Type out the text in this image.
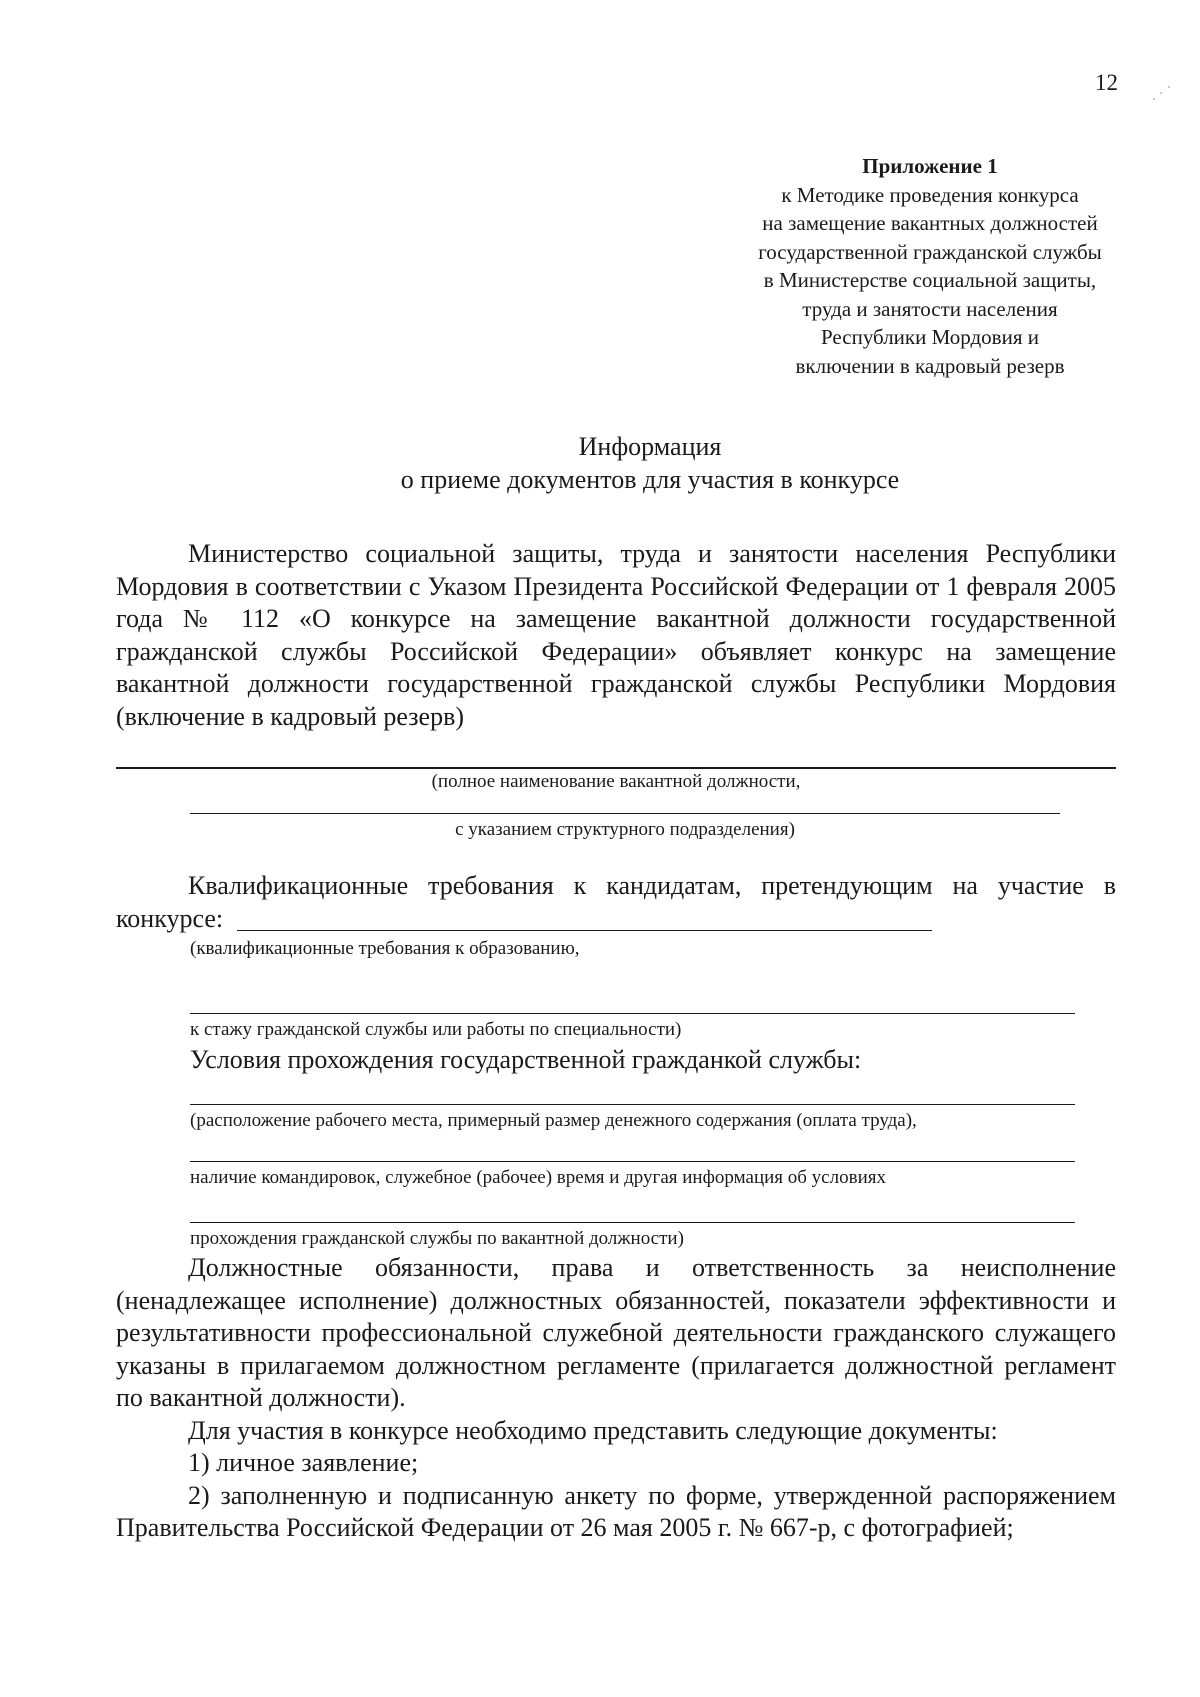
12
Приложение 1
к Методике проведения конкурса
на замещение вакантных должностей
государственной гражданской службы
в Министерстве социальной защиты,
труда и занятости населения
Республики Мордовия и
включении в кадровый резерв
Информация
о приеме документов для участия в конкурсе

Министерство социальной защиты, труда и занятости населения Республики Мордовия в соответствии с Указом Президента Российской Федерации от 1 февраля 2005 года № 112 «О конкурсе на замещение вакантной должности государственной гражданской службы Российской Федерации» объявляет конкурс на замещение вакантной должности государственной гражданской службы Республики Мордовия (включение в кадровый резерв)

(полное наименование вакантной должности,
с указанием структурного подразделения)
Квалификационные требования к кандидатам, претендующим на участие в
конкурсе:
(квалификационные требования к образованию,
к стажу гражданской службы или работы по специальности)
Условия прохождения государственной гражданкой службы:
(расположение рабочего места, примерный размер денежного содержания (оплата труда),
наличие командировок, служебное (рабочее) время и другая информация об условиях
прохождения гражданской службы по вакантной должности)

Должностные обязанности, права и ответственность за неисполнение (ненадлежащее исполнение) должностных обязанностей, показатели эффективности и результативности профессиональной служебной деятельности гражданского служащего указаны в прилагаемом должностном регламенте (прилагается должностной регламент по вакантной должности).

Для участия в конкурсе необходимо представить следующие документы:

1) личное заявление;

2) заполненную и подписанную анкету по форме, утвержденной распоряжением Правительства Российской Федерации от 26 мая 2005 г. № 667-р, с фотографией;
